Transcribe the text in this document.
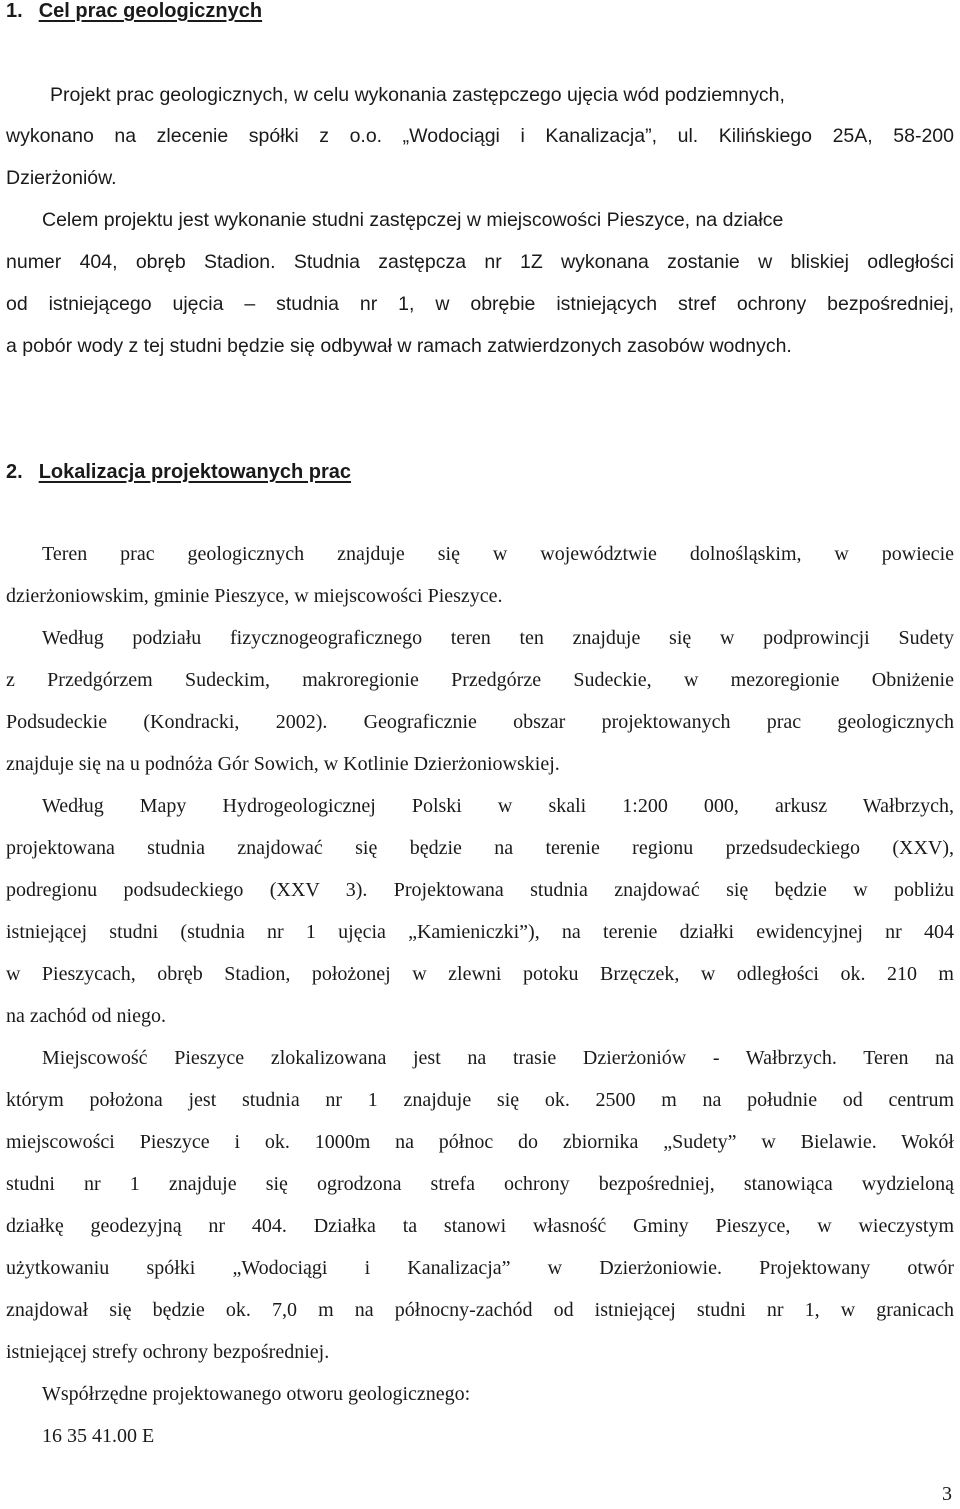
1. Cel prac geologicznych
Projekt prac geologicznych, w celu wykonania zastępczego ujęcia wód podziemnych,
wykonano na zlecenie spółki z o.o. „Wodociągi i Kanalizacja”, ul. Kilińskiego 25A, 58-200
Dzierżoniów.
Celem projektu jest wykonanie studni zastępczej w miejscowości Pieszyce, na działce
numer 404, obręb Stadion. Studnia zastępcza nr 1Z wykonana zostanie w bliskiej odległości
od istniejącego ujęcia – studnia nr 1, w obrębie istniejących stref ochrony bezpośredniej,
a pobór wody z tej studni będzie się odbywał w ramach zatwierdzonych zasobów wodnych.
2. Lokalizacja projektowanych prac
Teren prac geologicznych znajduje się w województwie dolnośląskim, w powiecie
dzierżoniowskim, gminie Pieszyce, w miejscowości Pieszyce.
Według podziału fizycznogeograficznego teren ten znajduje się w podprowincji Sudety
z Przedgórzem Sudeckim, makroregionie Przedgórze Sudeckie, w mezoregionie Obniżenie
Podsudeckie (Kondracki, 2002). Geograficznie obszar projektowanych prac geologicznych
znajduje się na u podnóża Gór Sowich, w Kotlinie Dzierżoniowskiej.
Według Mapy Hydrogeologicznej Polski w skali 1:200 000, arkusz Wałbrzych,
projektowana studnia znajdować się będzie na terenie regionu przedsudeckiego (XXV),
podregionu podsudeckiego (XXV 3). Projektowana studnia znajdować się będzie w pobliżu
istniejącej studni (studnia nr 1 ujęcia „Kamieniczki”), na terenie działki ewidencyjnej nr 404
w Pieszycach, obręb Stadion, położonej w zlewni potoku Brzęczek, w odległości ok. 210 m
na zachód od niego.
Miejscowość Pieszyce zlokalizowana jest na trasie Dzierżoniów - Wałbrzych. Teren na
którym położona jest studnia nr 1 znajduje się ok. 2500 m na południe od centrum
miejscowości Pieszyce i ok. 1000m na północ do zbiornika „Sudety” w Bielawie. Wokół
studni nr 1 znajduje się ogrodzona strefa ochrony bezpośredniej, stanowiąca wydzieloną
działkę geodezyjną nr 404. Działka ta stanowi własność Gminy Pieszyce, w wieczystym
użytkowaniu spółki „Wodociągi i Kanalizacja” w Dzierżoniowie. Projektowany otwór
znajdował się będzie ok. 7,0 m na północny-zachód od istniejącej studni nr 1, w granicach
istniejącej strefy ochrony bezpośredniej.
Współrzędne projektowanego otworu geologicznego:
16 35 41.00 E
3
